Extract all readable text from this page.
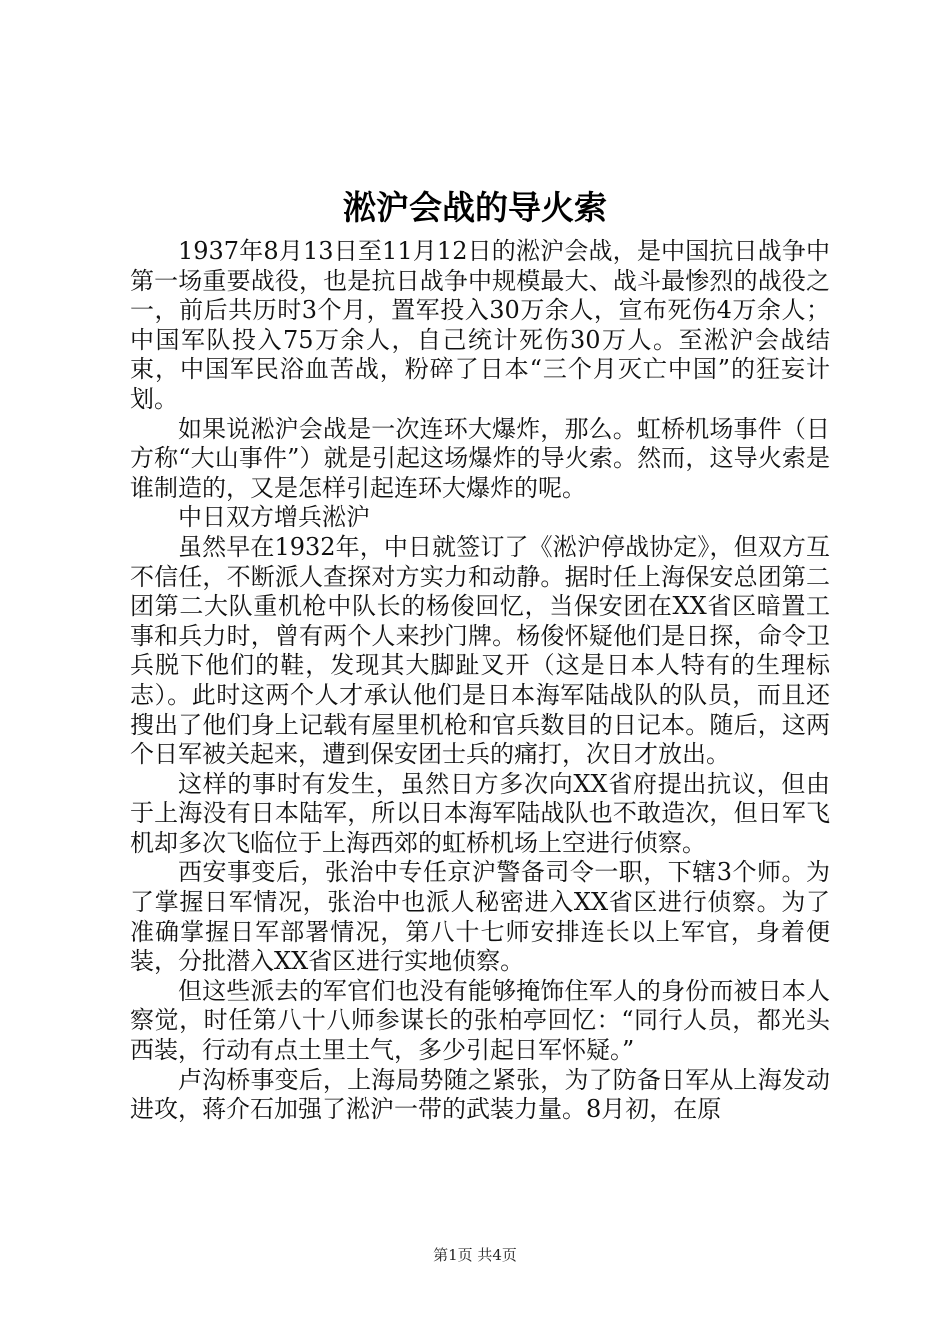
淞沪会战的导火索

1937年8月13日至11月12日的淞沪会战，是中国抗日战争中第一场重要战役，也是抗日战争中规模最大、战斗最惨烈的战役之一，前后共历时3个月，置军投入30万余人，宣布死伤4万余人；中国军队投入75万余人，自己统计死伤30万人。至淞沪会战结束，中国军民浴血苦战，粉碎了日本“三个月灭亡中国”的狂妄计划。

如果说淞沪会战是一次连环大爆炸，那么。虹桥机场事件（日方称“大山事件”）就是引起这场爆炸的导火索。然而，这导火索是谁制造的，又是怎样引起连环大爆炸的呢。

中日双方增兵淞沪

虽然早在1932年，中日就签订了《淞沪停战协定》，但双方互不信任，不断派人查探对方实力和动静。据时任上海保安总团第二团第二大队重机枪中队长的杨俊回忆，当保安团在XX省区暗置工事和兵力时，曾有两个人来抄门牌。杨俊怀疑他们是日探，命令卫兵脱下他们的鞋，发现其大脚趾叉开（这是日本人特有的生理标志）。此时这两个人才承认他们是日本海军陆战队的队员，而且还搜出了他们身上记载有屋里机枪和官兵数目的日记本。随后，这两个日军被关起来，遭到保安团士兵的痛打，次日才放出。

这样的事时有发生，虽然日方多次向XX省府提出抗议，但由于上海没有日本陆军，所以日本海军陆战队也不敢造次，但日军飞机却多次飞临位于上海西郊的虹桥机场上空进行侦察。

西安事变后，张治中专任京沪警备司令一职，下辖3个师。为了掌握日军情况，张治中也派人秘密进入XX省区进行侦察。为了准确掌握日军部署情况，第八十七师安排连长以上军官，身着便装，分批潜入XX省区进行实地侦察。

但这些派去的军官们也没有能够掩饰住军人的身份而被日本人察觉，时任第八十八师参谋长的张柏亭回忆：“同行人员，都光头西装，行动有点土里土气，多少引起日军怀疑。”

卢沟桥事变后，上海局势随之紧张，为了防备日军从上海发动进攻，蒋介石加强了淞沪一带的武装力量。8月初，在原

第1页 共4页
